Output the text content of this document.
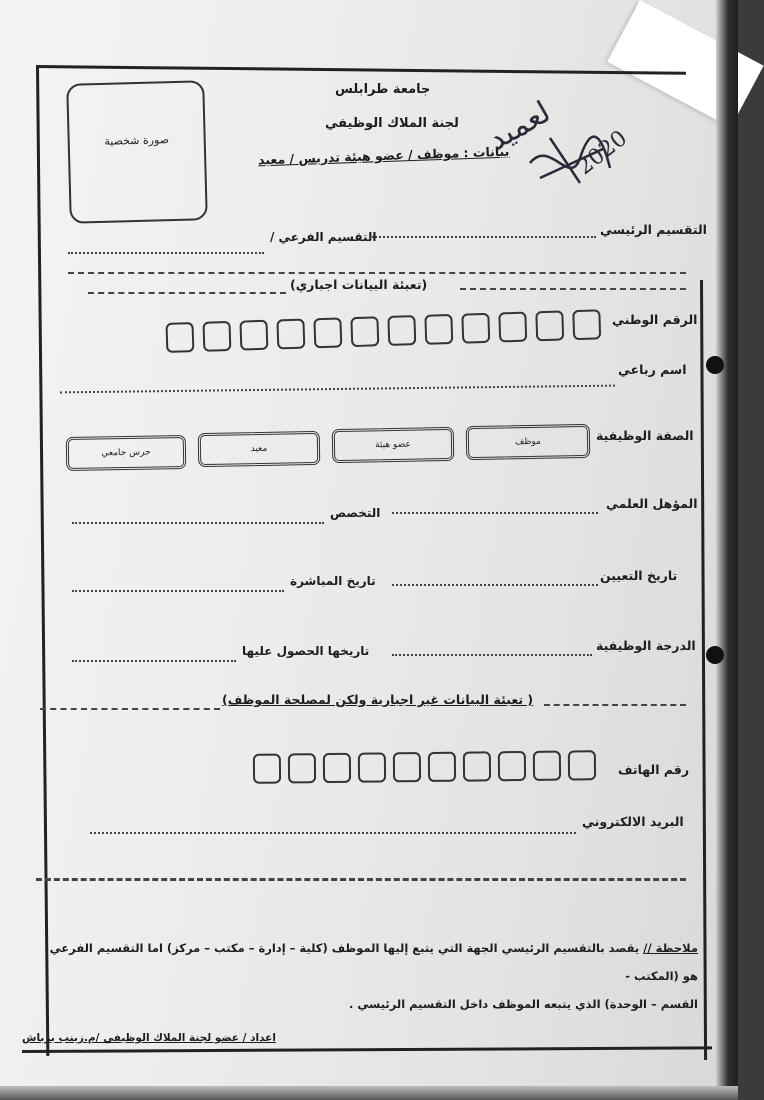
صورة شخصية
جامعة طرابلس
لجنة الملاك الوظيفي
بيانات : موظف / عضو هيئة تدريس / معيد
لعميد 2020
التقسيم الرئيسي
التقسيم الفرعي /
(تعبئة البيانات اجباري)
الرقم الوطني
اسم رباعي
الصفة الوظيفية
موظف
عضو هيئة
معيد
حرس جامعي
المؤهل العلمي
التخصص
تاريخ التعيين
تاريخ المباشرة
الدرجة الوظيفية
تاريخها الحصول عليها
( تعبئة البيانات غير اجبارية ولكن لمصلحة الموظف)
رقم الهاتف
البريد الالكتروني
ملاحظة // يقصد بالتقسيم الرئيسي الجهة التي يتبع إليها الموظف (كلية – إدارة – مكتب – مركز) اما التقسيم الفرعي هو (المكتب -
القسم – الوحدة) الذي يتبعه الموظف داخل التقسيم الرئيسي .
اعداد / عضو لجنة الملاك الوظيفي /م.زينب برباش
